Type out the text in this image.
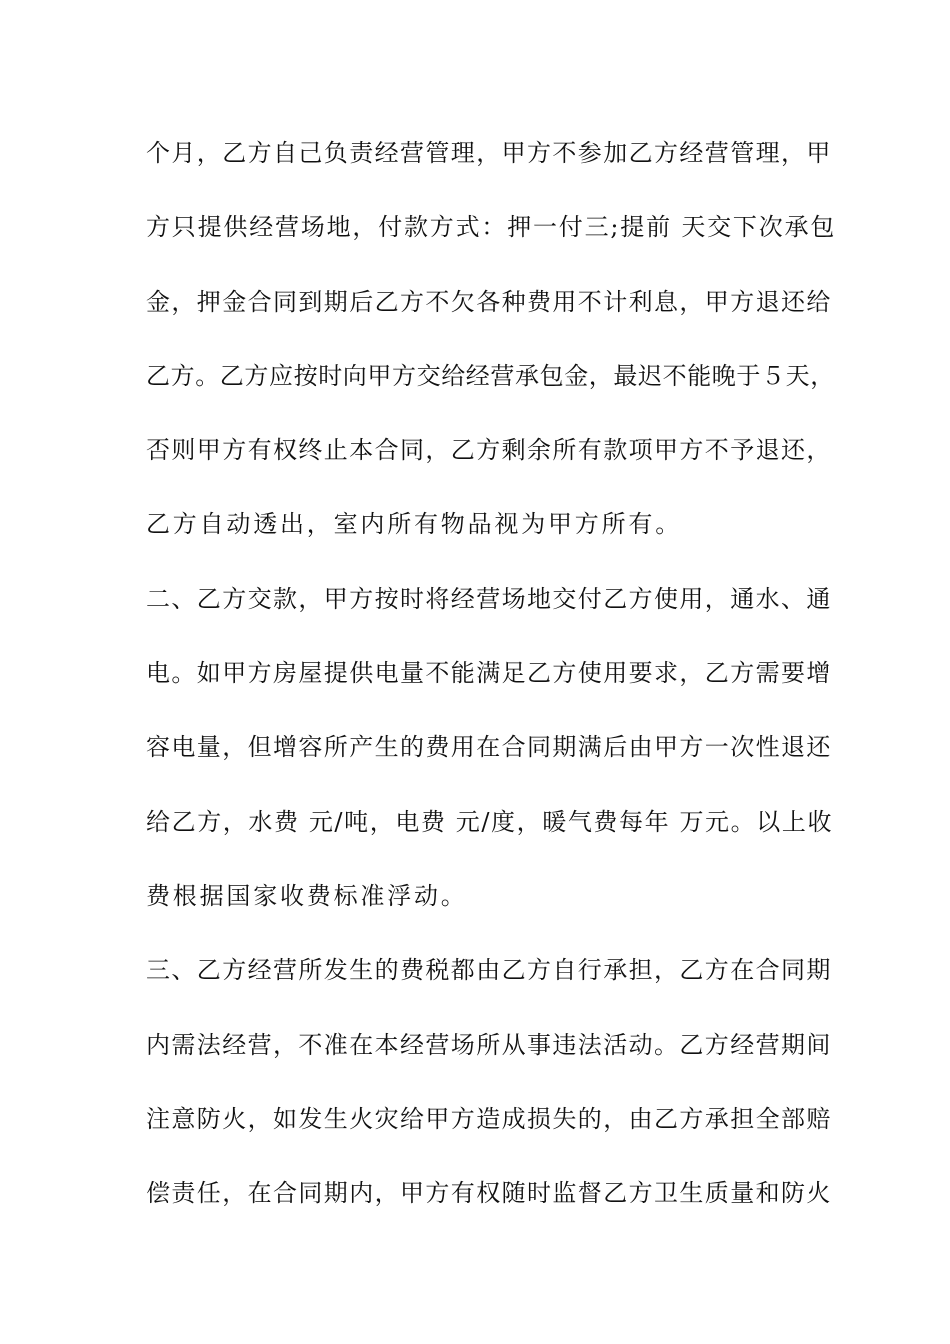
个月，乙方自己负责经营管理，甲方不参加乙方经营管理，甲
方只提供经营场地，付款方式：押一付三;提前 天交下次承包
金，押金合同到期后乙方不欠各种费用不计利息，甲方退还给
乙方。乙方应按时向甲方交给经营承包金，最迟不能晚于５天，
否则甲方有权终止本合同，乙方剩余所有款项甲方不予退还，
乙方自动透出，室内所有物品视为甲方所有。
二、乙方交款，甲方按时将经营场地交付乙方使用，通水、通
电。如甲方房屋提供电量不能满足乙方使用要求，乙方需要增
容电量，但增容所产生的费用在合同期满后由甲方一次性退还
给乙方，水费 元/吨，电费 元/度，暖气费每年 万元。以上收
费根据国家收费标准浮动。
三、乙方经营所发生的费税都由乙方自行承担，乙方在合同期
内需法经营，不准在本经营场所从事违法活动。乙方经营期间
注意防火，如发生火灾给甲方造成损失的，由乙方承担全部赔
偿责任，在合同期内，甲方有权随时监督乙方卫生质量和防火
